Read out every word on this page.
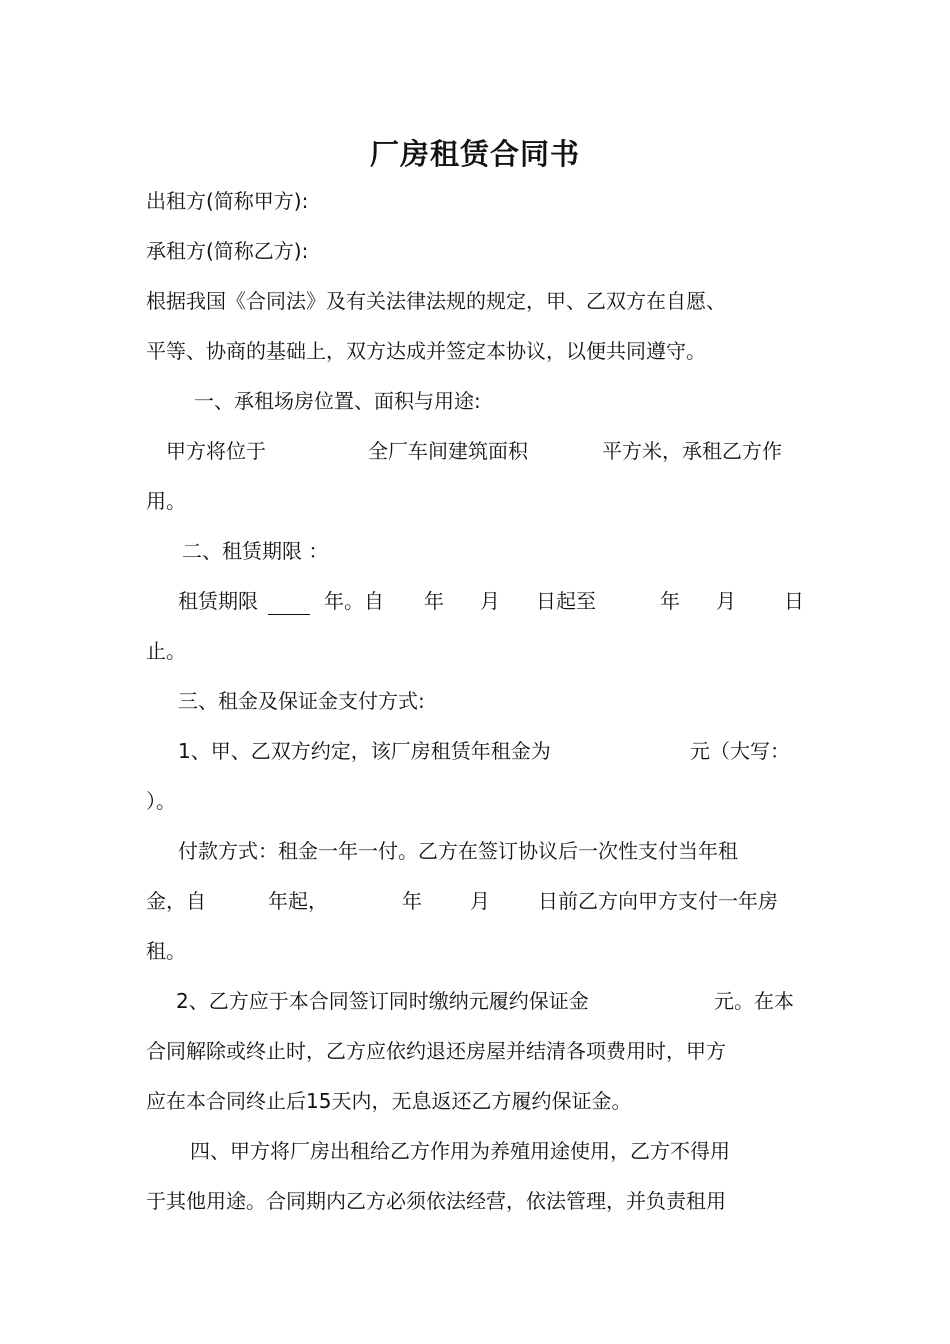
厂房租赁合同书
出租方(简称甲方):
承租方(简称乙方):
根据我国《合同法》及有关法律法规的规定，甲、乙双方在自愿、
平等、协商的基础上，双方达成并签定本协议，以便共同遵守。
一、承租场房位置、面积与用途:
甲方将位于	全厂车间建筑面积	平方米，承租乙方作
用。
二、租赁期限 ：
租赁期限	年。自 年 月 日起至	年 月 日
止。
三、租金及保证金支付方式:
1、甲、乙双方约定，该厂房租赁年租金为	元（大写：
）。
付款方式：租金一年一付。乙方在签订协议后一次性支付当年租
金，自	年起，	年 月 日前乙方向甲方支付一年房
租。
2、乙方应于本合同签订同时缴纳元履约保证金	元。在本
合同解除或终止时，乙方应依约退还房屋并结清各项费用时，甲方
应在本合同终止后15天内，无息返还乙方履约保证金。
四、甲方将厂房出租给乙方作用为养殖用途使用，乙方不得用
于其他用途。合同期内乙方必须依法经营，依法管理，并负责租用
